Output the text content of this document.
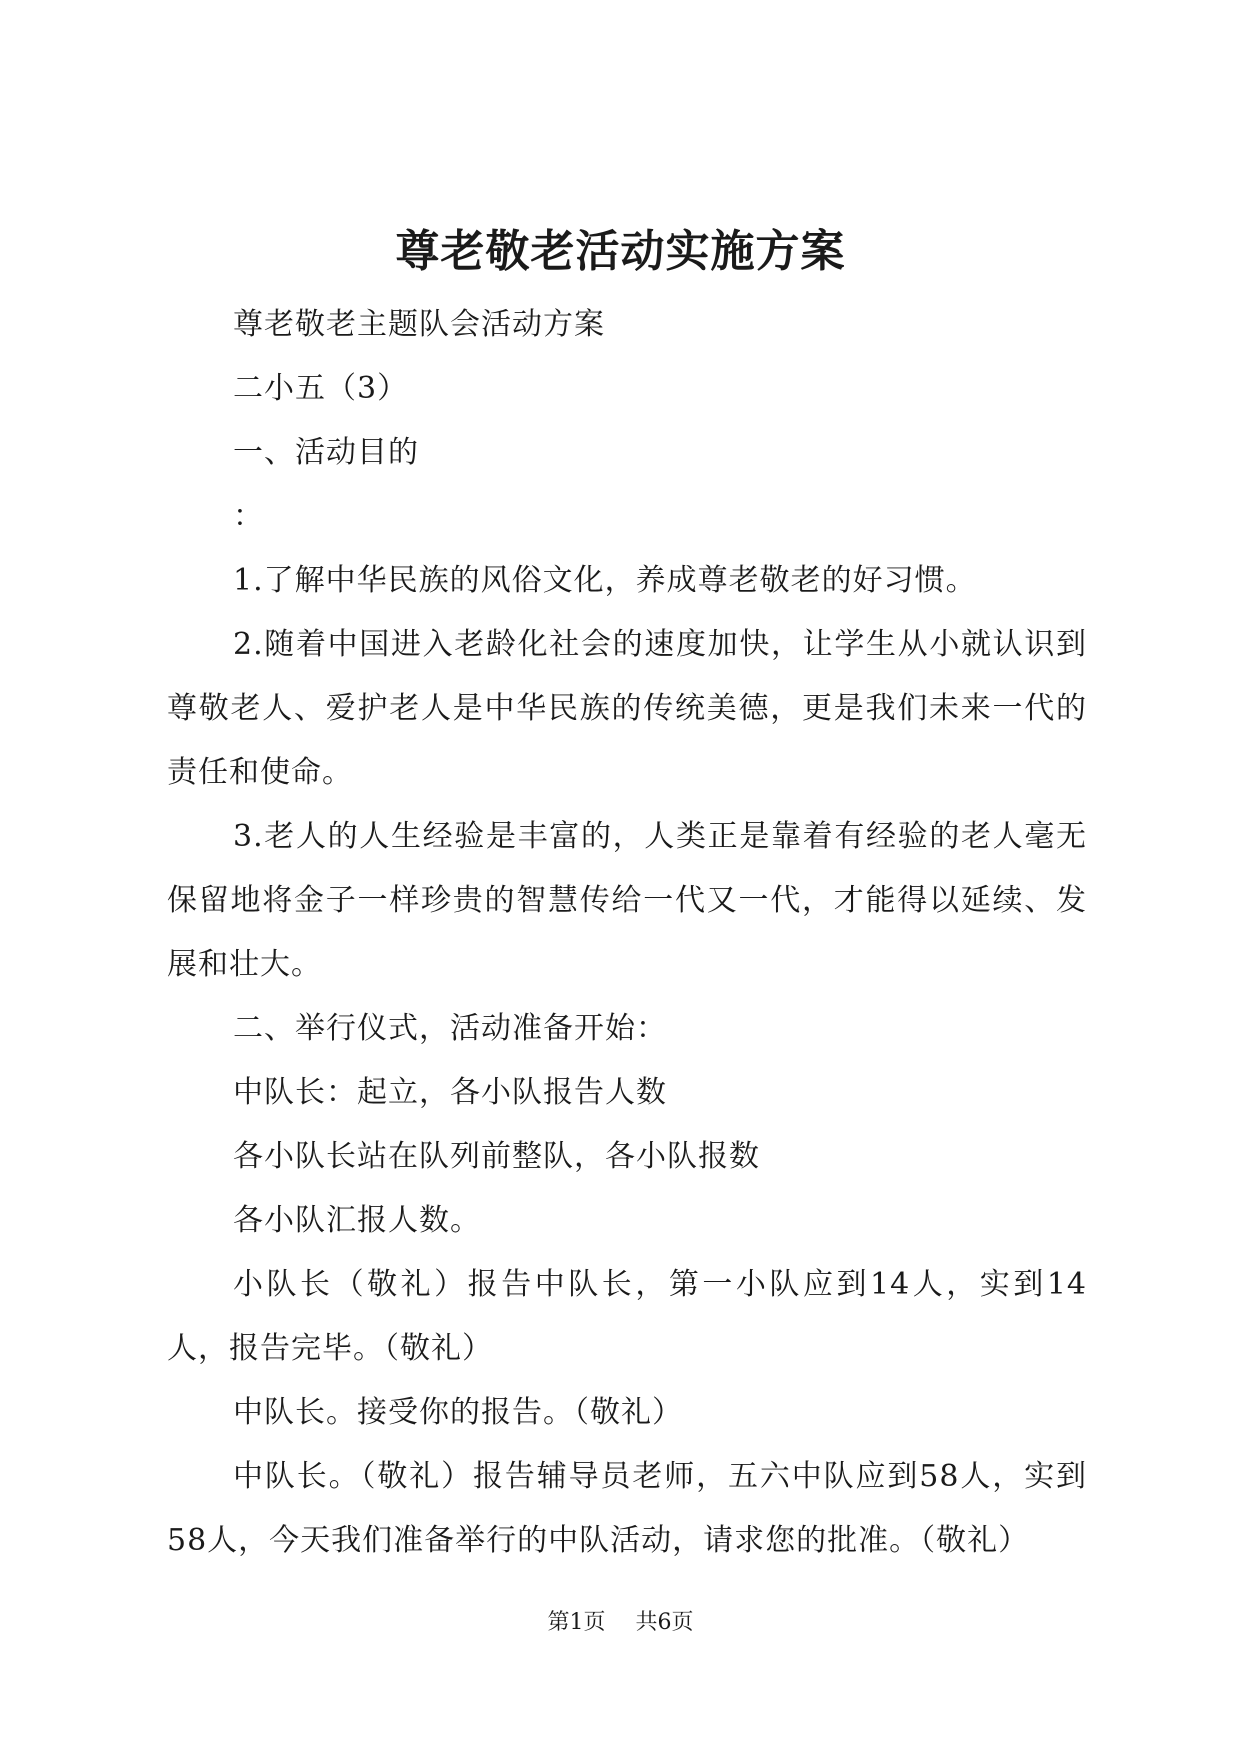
尊老敬老活动实施方案

尊老敬老主题队会活动方案

二小五（3）

一、活动目的

：

1.了解中华民族的风俗文化，养成尊老敬老的好习惯。

2.随着中国进入老龄化社会的速度加快，让学生从小就认识到尊敬老人、爱护老人是中华民族的传统美德，更是我们未来一代的责任和使命。

3.老人的人生经验是丰富的，人类正是靠着有经验的老人毫无保留地将金子一样珍贵的智慧传给一代又一代，才能得以延续、发展和壮大。

二、举行仪式，活动准备开始：

中队长：起立，各小队报告人数

各小队长站在队列前整队，各小队报数

各小队汇报人数。

小队长（敬礼）报告中队长，第一小队应到14人，实到14人，报告完毕。（敬礼）

中队长。接受你的报告。（敬礼）

中队长。（敬礼）报告辅导员老师，五六中队应到58人，实到58人，今天我们准备举行的中队活动，请求您的批准。（敬礼）

第1页 共6页
